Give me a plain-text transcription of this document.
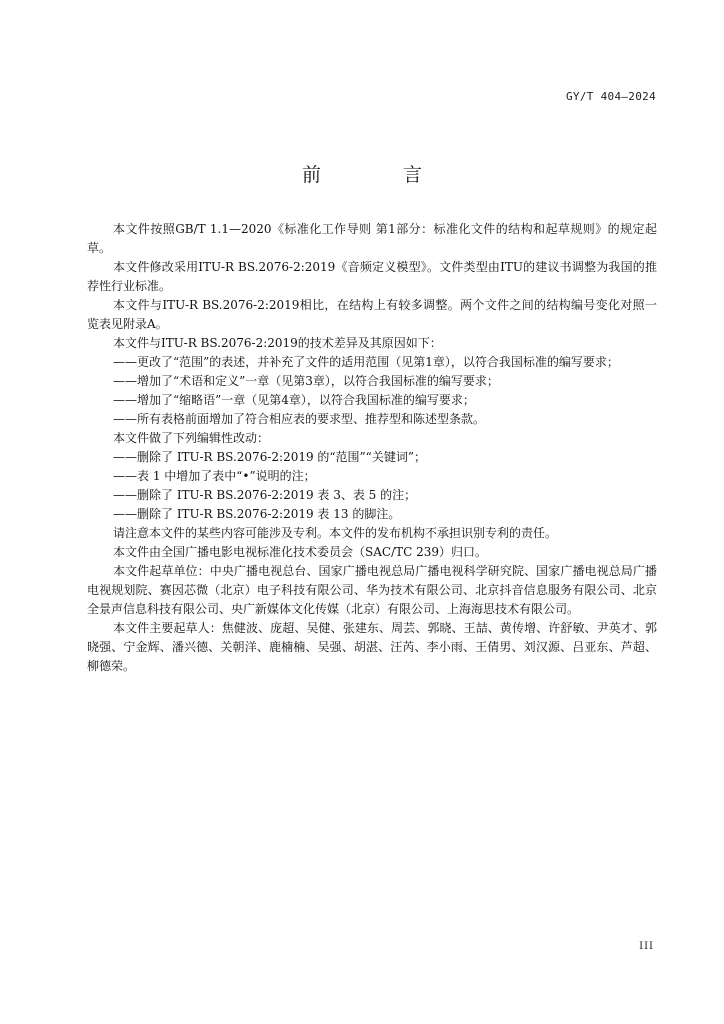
GY/T 404—2024
前 言

本文件按照GB/T 1.1—2020《标准化工作导则 第1部分：标准化文件的结构和起草规则》的规定起草。

本文件修改采用ITU-R BS.2076-2:2019《音频定义模型》。文件类型由ITU的建议书调整为我国的推荐性行业标准。

本文件与ITU-R BS.2076-2:2019相比，在结构上有较多调整。两个文件之间的结构编号变化对照一览表见附录A。

本文件与ITU-R BS.2076-2:2019的技术差异及其原因如下：

——更改了“范围”的表述，并补充了文件的适用范围（见第1章），以符合我国标准的编写要求；

——增加了“术语和定义”一章（见第3章），以符合我国标准的编写要求；

——增加了“缩略语”一章（见第4章），以符合我国标准的编写要求；

——所有表格前面增加了符合相应表的要求型、推荐型和陈述型条款。

本文件做了下列编辑性改动：

——删除了 ITU-R BS.2076-2:2019 的“范围”“关键词”；

——表 1 中增加了表中“•”说明的注；

——删除了 ITU-R BS.2076-2:2019 表 3、表 5 的注；

——删除了 ITU-R BS.2076-2:2019 表 13 的脚注。

请注意本文件的某些内容可能涉及专利。本文件的发布机构不承担识别专利的责任。

本文件由全国广播电影电视标准化技术委员会（SAC/TC 239）归口。

本文件起草单位：中央广播电视总台、国家广播电视总局广播电视科学研究院、国家广播电视总局广播电视规划院、赛因芯微（北京）电子科技有限公司、华为技术有限公司、北京抖音信息服务有限公司、北京全景声信息科技有限公司、央广新媒体文化传媒（北京）有限公司、上海海思技术有限公司。

本文件主要起草人：焦健波、庞超、吴健、张建东、周芸、郭晓、王喆、黄传增、许舒敏、尹英才、郭晓强、宁金辉、潘兴德、关朝洋、鹿楠楠、吴强、胡湛、汪芮、李小雨、王倩男、刘汉源、吕亚东、芦超、柳德荣。

III
